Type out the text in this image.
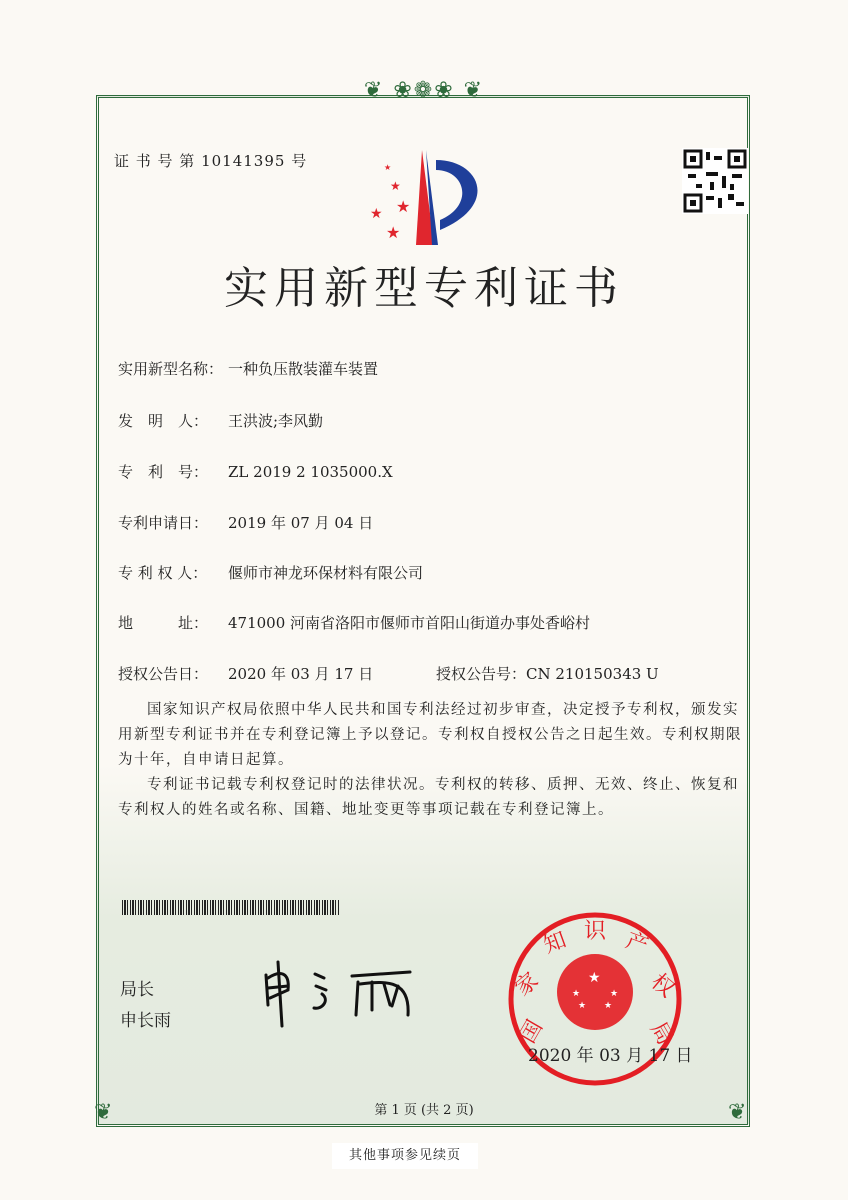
❦ ❀❁❀ ❦
❦	❦
证 书 号 第 10141395 号
★
★
★
★
★
实用新型专利证书
实用新型名称： 一种负压散装灌车装置
发　明　人： 王洪波;李风勤
专　利　号： ZL 2019 2 1035000.X
专利申请日： 2019 年 07 月 04 日
专 利 权 人： 偃师市神龙环保材料有限公司
地　　　址： 471000 河南省洛阳市偃师市首阳山街道办事处香峪村
授权公告日： 2020 年 03 月 17 日	授权公告号：CN 210150343 U

国家知识产权局依照中华人民共和国专利法经过初步审查，决定授予专利权，颁发实用新型专利证书并在专利登记簿上予以登记。专利权自授权公告之日起生效。专利权期限为十年，自申请日起算。

专利证书记载专利权登记时的法律状况。专利权的转移、质押、无效、终止、恢复和专利权人的姓名或名称、国籍、地址变更等事项记载在专利登记簿上。

局长
申长雨
★
★	★
★ ★
国
家
知 识 产
权
局
2020 年 03 月 17 日
第 1 页 (共 2 页)
其他事项参见续页
